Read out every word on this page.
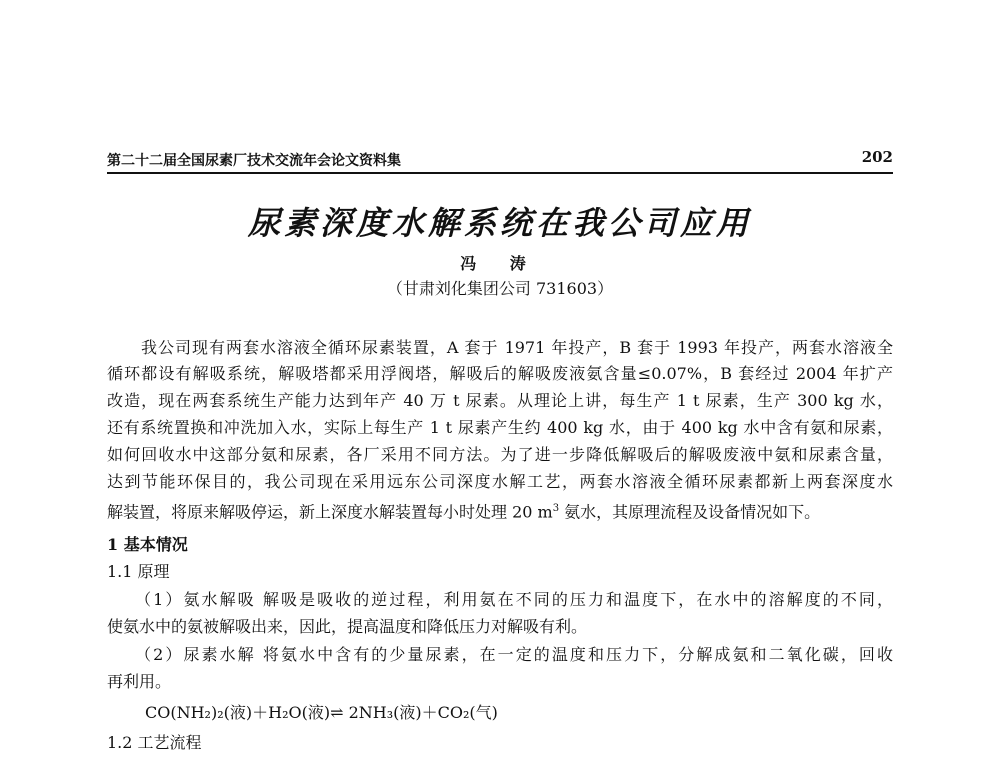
第二十二届全国尿素厂技术交流年会论文资料集	202
尿素深度水解系统在我公司应用
冯 涛
（甘肃刘化集团公司 731603）
　　我公司现有两套水溶液全循环尿素装置，A 套于 1971 年投产，B 套于 1993 年投产，两套水溶液全
循环都设有解吸系统，解吸塔都采用浮阀塔，解吸后的解吸废液氨含量≤0.07%，B 套经过 2004 年扩产
改造，现在两套系统生产能力达到年产 40 万 t 尿素。从理论上讲，每生产 1 t 尿素，生产 300 kg 水，
还有系统置换和冲洗加入水，实际上每生产 1 t 尿素产生约 400 kg 水，由于 400 kg 水中含有氨和尿素，
如何回收水中这部分氨和尿素，各厂采用不同方法。为了进一步降低解吸后的解吸废液中氨和尿素含量，
达到节能环保目的，我公司现在采用远东公司深度水解工艺，两套水溶液全循环尿素都新上两套深度水
解装置，将原来解吸停运，新上深度水解装置每小时处理 20 $m^3$ 氨水，其原理流程及设备情况如下。
1 基本情况
1.1 原理
　　（1）氨水解吸 解吸是吸收的逆过程，利用氨在不同的压力和温度下，在水中的溶解度的不同，
使氨水中的氨被解吸出来，因此，提高温度和降低压力对解吸有利。
　　（2）尿素水解 将氨水中含有的少量尿素，在一定的温度和压力下，分解成氨和二氧化碳，回收
再利用。
CO(NH₂)₂(液)＋H₂O(液)⇌ 2NH₃(液)＋CO₂(气)
1.2 工艺流程
